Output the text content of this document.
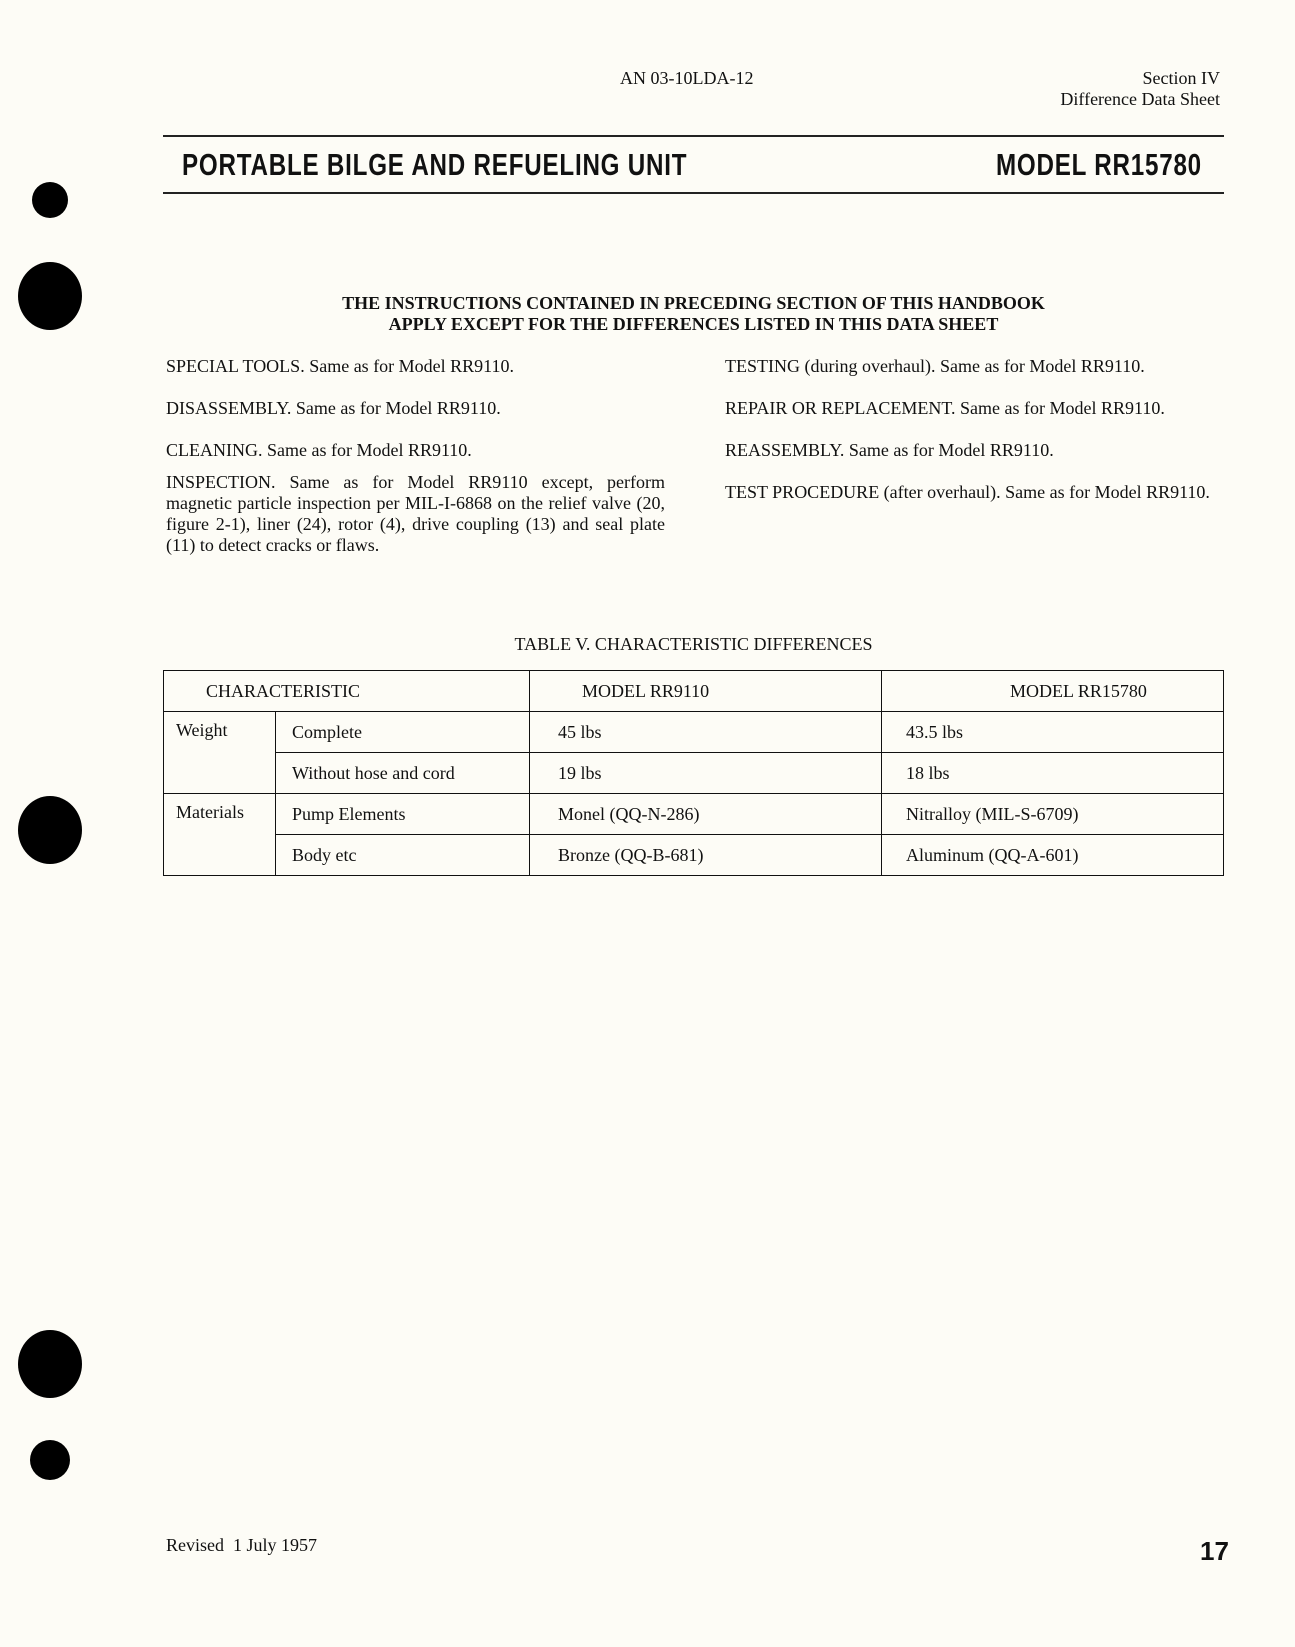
AN 03-10LDA-12	Section IV
Difference Data Sheet
PORTABLE BILGE AND REFUELING UNIT	MODEL RR15780
THE INSTRUCTIONS CONTAINED IN PRECEDING SECTION OF THIS HANDBOOK
APPLY EXCEPT FOR THE DIFFERENCES LISTED IN THIS DATA SHEET

SPECIAL TOOLS. Same as for Model RR9110.

DISASSEMBLY. Same as for Model RR9110.

CLEANING. Same as for Model RR9110.

INSPECTION. Same as for Model RR9110 except, perform magnetic particle inspection per MIL-I-6868 on the relief valve (20, figure 2-1), liner (24), rotor (4), drive coupling (13) and seal plate (11) to detect cracks or flaws.

TESTING (during overhaul). Same as for Model RR9110.

REPAIR OR REPLACEMENT. Same as for Model RR9110.

REASSEMBLY. Same as for Model RR9110.

TEST PROCEDURE (after overhaul). Same as for Model RR9110.

TABLE V. CHARACTERISTIC DIFFERENCES
CHARACTERISTIC		MODEL RR9110	MODEL RR15780
Weight	Complete	45 lbs	43.5 lbs
	Without hose and cord	19 lbs	18 lbs
Materials	Pump Elements	Monel (QQ-N-286)	Nitralloy (MIL-S-6709)
	Body etc	Bronze (QQ-B-681)	Aluminum (QQ-A-601)
Revised  1 July 1957	17
